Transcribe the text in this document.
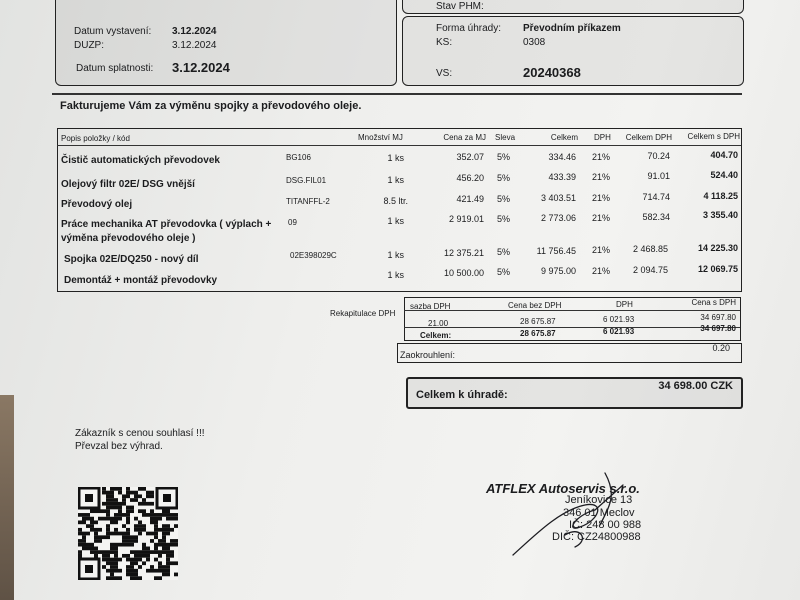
Datum vystavení: 3.12.2024
DUZP:	3.12.2024
Datum splatnosti: 3.12.2024
Stav PHM:
Forma úhrady: Převodním příkazem
KS:	0308
VS:	20240368
Fakturujeme Vám za výměnu spojky a převodového oleje.
Popis položky / kód	Množství MJ	Cena za MJ Sleva	Celkem DPH	Celkem DPH	Celkem s DPH
Čistič automatických převodovek	BG106	1 ks	352.07 5%	334.46 21%	70.24	404.70
Olejový filtr 02E/ DSG vnější	DSG.FIL01	1 ks	456.20 5%	433.39 21%	91.01	524.40
Převodový olej	TITANFFL-2	8.5 ltr.	421.49 5%	3 403.51 21%	714.74	4 118.25
Práce mechanika AT převodovka ( výplach +
výměna převodového oleje )
09	1 ks	2 919.01 5%	2 773.06 21%	582.34	3 355.40
Spojka 02E/DQ250 - nový díl	02E398029C	1 ks	12 375.21 5%	11 756.45 21%	2 468.85	14 225.30
Demontáž + montáž převodovky	1 ks	10 500.00 5%	9 975.00 21%	2 094.75	12 069.75
Rekapitulace DPH
sazba DPH	Cena bez DPH	DPH	Cena s DPH
21.00	28 675.87	6 021.93	34 697.80
Celkem:	28 675.87	6 021.93	34 697.80
Zaokrouhlení:
0.20
Celkem k úhradě:
34 698.00 CZK
Zákazník s cenou souhlasí !!!
Převzal bez výhrad.
ATFLEX Autoservis s.r.o.
Jeníkovice 13
346 01 Meclov
IČ: 248 00 988
DIČ: CZ24800988
